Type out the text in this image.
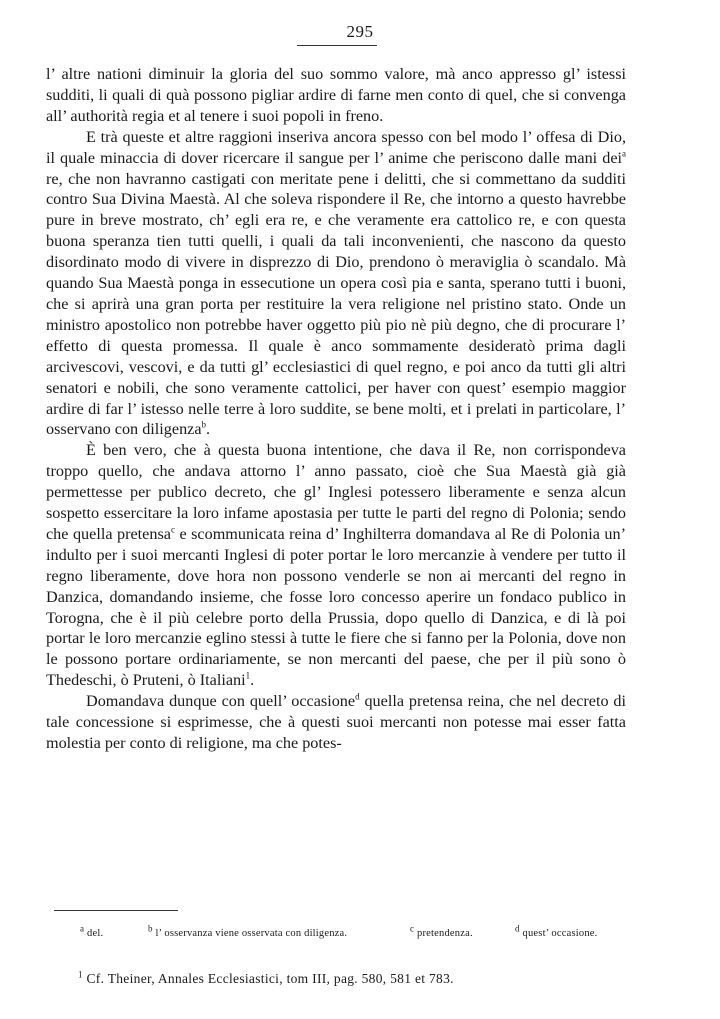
295

l’ altre nationi diminuir la gloria del suo sommo valore, mà anco appresso gl’ istessi sudditi, li quali di quà possono pigliar ardire di farne men conto di quel, che si convenga all’ authorità regia et al tenere i suoi popoli in freno.

E trà queste et altre raggioni inseriva ancora spesso con bel modo l’ offesa di Dio, il quale minaccia di dover ricercare il sangue per l’ anime che periscono dalle mani dei$^a$ re, che non havranno castigati con meritate pene i delitti, che si commettano da sudditi contro Sua Divina Maestà. Al che soleva rispondere il Re, che intorno a questo havrebbe pure in breve mostrato, ch’ egli era re, e che veramente era cattolico re, e con questa buona speranza tien tutti quelli, i quali da tali inconvenienti, che nascono da questo disordinato modo di vivere in disprezzo di Dio, prendono ò meraviglia ò scandalo. Mà quando Sua Maestà ponga in essecutione un opera così pia e santa, sperano tutti i buoni, che si aprirà una gran porta per restituire la vera religione nel pristino stato. Onde un ministro apostolico non potrebbe haver oggetto più pio nè più degno, che di procurare l’ effetto di questa promessa. Il quale è anco sommamente desideratò prima dagli arcivescovi, vescovi, e da tutti gl’ ecclesiastici di quel regno, e poi anco da tutti gli altri senatori e nobili, che sono veramente cattolici, per haver con quest’ esempio maggior ardire di far l’ istesso nelle terre à loro suddite, se bene molti, et i prelati in particolare, l’ osservano con diligenza$^b$.

È ben vero, che à questa buona intentione, che dava il Re, non corrispondeva troppo quello, che andava attorno l’ anno passato, cioè che Sua Maestà già già permettesse per publico decreto, che gl’ Inglesi potessero liberamente e senza alcun sospetto essercitare la loro infame apostasia per tutte le parti del regno di Polonia; sendo che quella pretensa$^c$ e scommunicata reina d’ Inghilterra domandava al Re di Polonia un’ indulto per i suoi mercanti Inglesi di poter portar le loro mercanzie à vendere per tutto il regno liberamente, dove hora non possono venderle se non ai mercanti del regno in Danzica, domandando insieme, che fosse loro concesso aperire un fondaco publico in Torogna, che è il più celebre porto della Prussia, dopo quello di Danzica, e di là poi portar le loro mercanzie eglino stessi à tutte le fiere che si fanno per la Polonia, dove non le possono portare ordinariamente, se non mercanti del paese, che per il più sono ò Thedeschi, ò Pruteni, ò Italiani$^1$.

Domandava dunque con quell’ occasione$^d$ quella pretensa reina, che nel decreto di tale concessione si esprimesse, che à questi suoi mercanti non potesse mai esser fatta molestia per conto di religione, ma che potes-

$^a$ del.	$^b$ l’ osservanza viene osservata con diligenza.	$^c$ pretendenza.	$^d$ quest’ occasione.
$^1$ Cf. Theiner, Annales Ecclesiastici, tom III, pag. 580, 581 et 783.
